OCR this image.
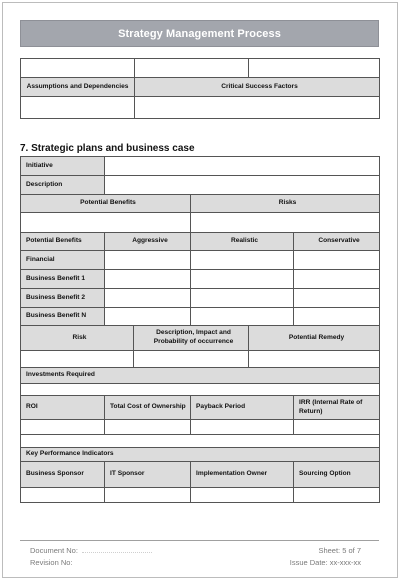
Strategy Management Process

Assumptions and Dependencies	Critical Success Factors	

7. Strategic plans and business case
Initiative					
Description					
Potential Benefits			Risks		

Potential Benefits	Aggressive		Realistic		Conservative
Financial					
Business Benefit 1					
Business Benefit 2					
Business Benefit N					
Risk		Description, Impact and Probability of occurrence		Potential Remedy	

Investments Required					

ROI	Total Cost of Ownership		Payback Period		IRR (Internal Rate of Return)

Key Performance Indicators					
Business Sponsor	IT Sponsor		Implementation Owner		Sourcing Option

Document No:
Revision No:
Sheet: 5 of 7
Issue Date: xx-xxx-xx
